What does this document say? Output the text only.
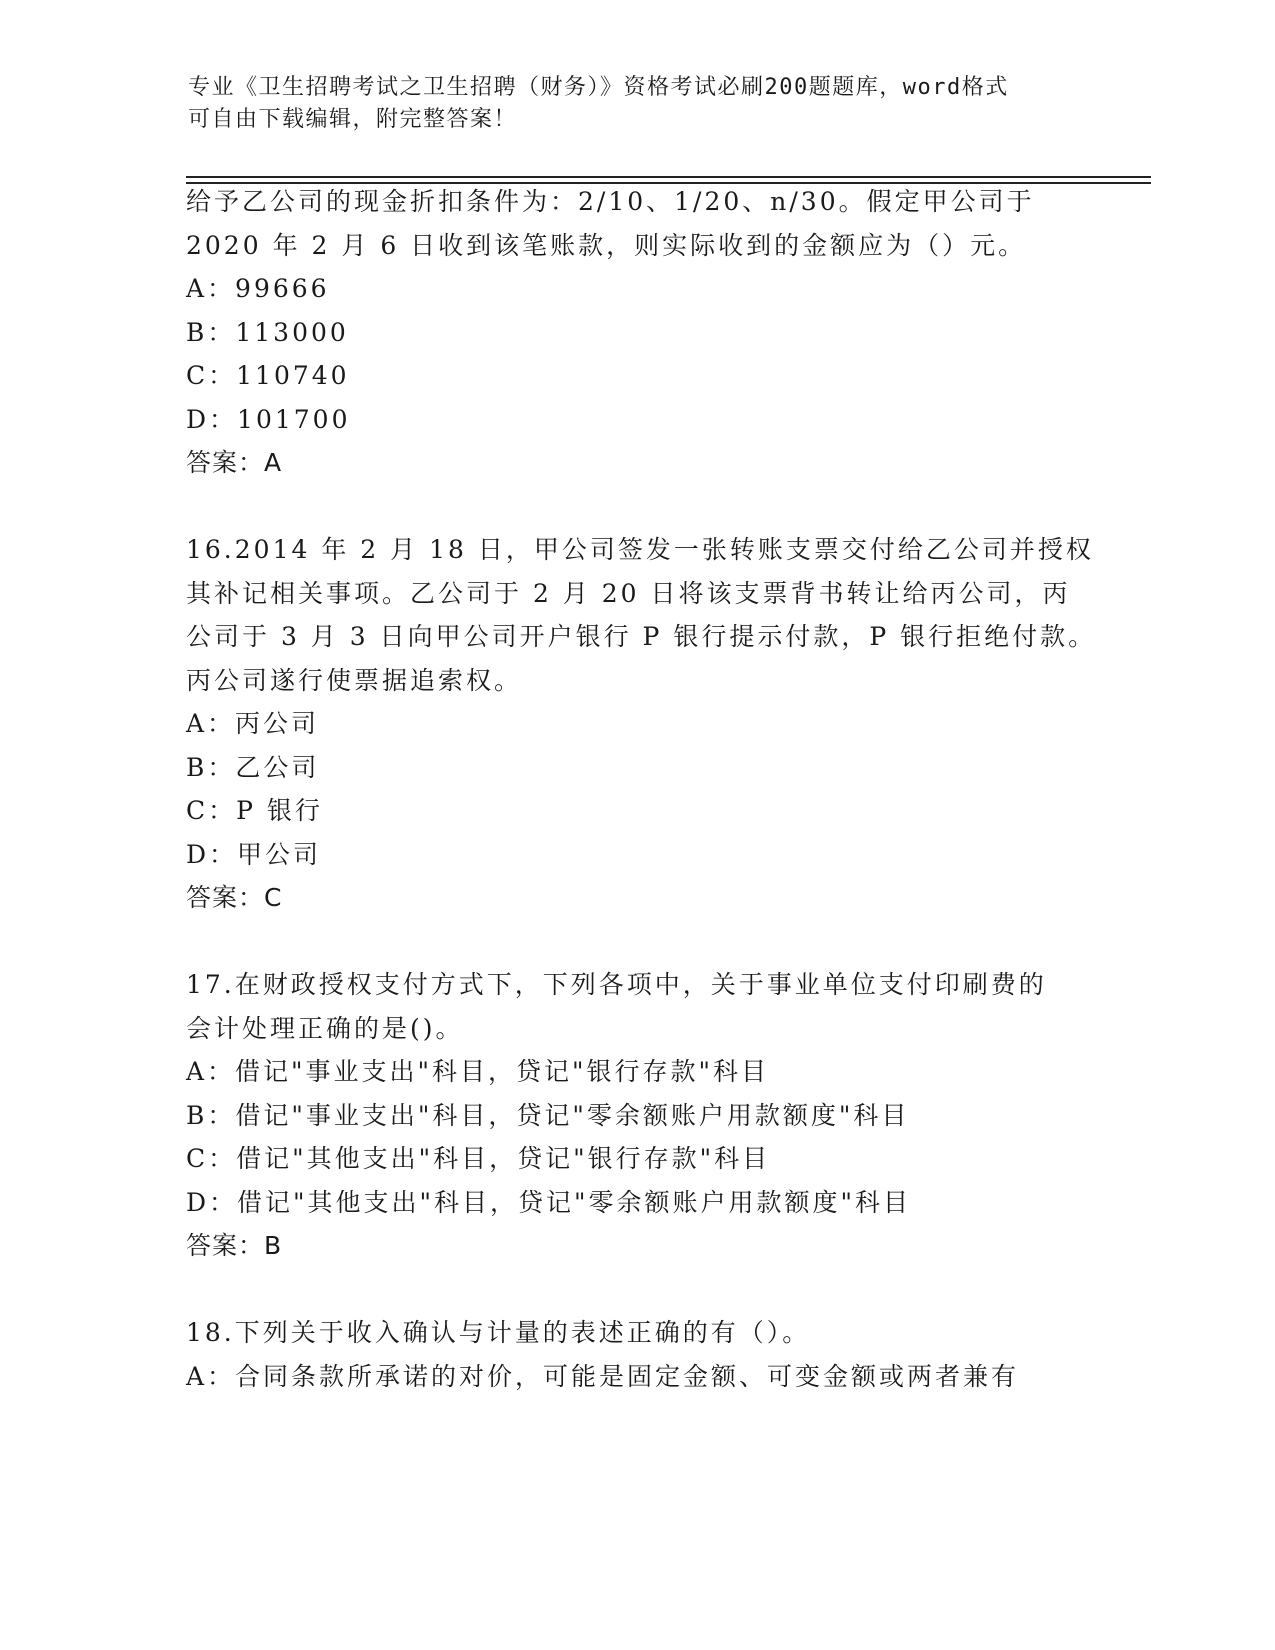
专业《卫生招聘考试之卫生招聘（财务）》资格考试必刷200题题库，word格式
可自由下载编辑，附完整答案！
给予乙公司的现金折扣条件为：2/10、1/20、n/30。假定甲公司于
2020 年 2 月 6 日收到该笔账款，则实际收到的金额应为（）元。
A：99666
B：113000
C：110740
D：101700
答案：A
16.2014 年 2 月 18 日，甲公司签发一张转账支票交付给乙公司并授权
其补记相关事项。乙公司于 2 月 20 日将该支票背书转让给丙公司，丙
公司于 3 月 3 日向甲公司开户银行 P 银行提示付款，P 银行拒绝付款。
丙公司遂行使票据追索权。
A：丙公司
B：乙公司
C：P 银行
D：甲公司
答案：C
17.在财政授权支付方式下，下列各项中，关于事业单位支付印刷费的
会计处理正确的是()。
A：借记"事业支出"科目，贷记"银行存款"科目
B：借记"事业支出"科目，贷记"零余额账户用款额度"科目
C：借记"其他支出"科目，贷记"银行存款"科目
D：借记"其他支出"科目，贷记"零余额账户用款额度"科目
答案：B
18.下列关于收入确认与计量的表述正确的有（）。
A：合同条款所承诺的对价，可能是固定金额、可变金额或两者兼有
